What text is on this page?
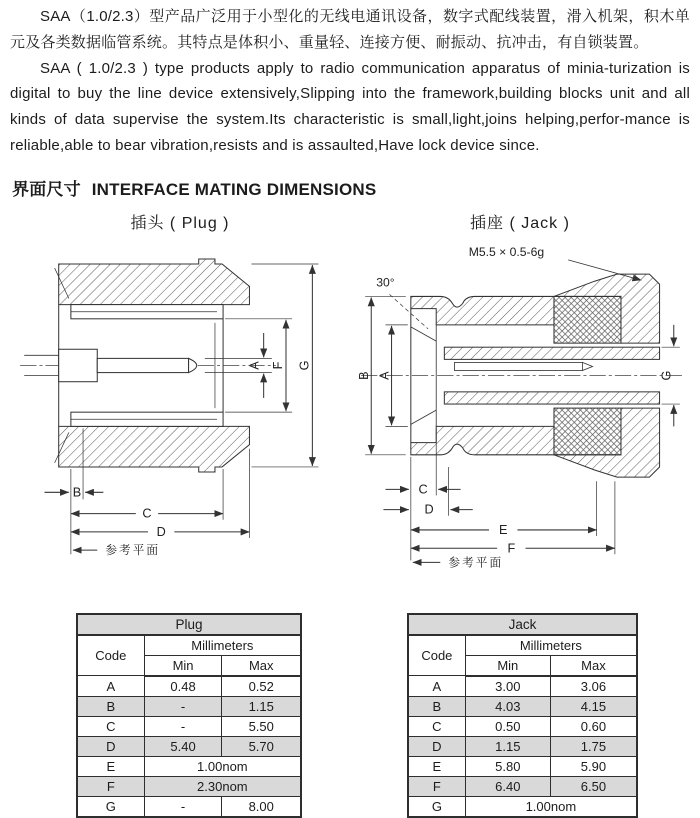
SAA（1.0/2.3）型产品广泛用于小型化的无线电通讯设备，数字式配线装置，滑入机架，积木单元及各类数据临管系统。其特点是体积小、重量轻、连接方便、耐振动、抗冲击，有自锁装置。

SAA ( 1.0/2.3 ) type products apply to radio communication apparatus of minia-turization is digital to buy the line device extensively,Slipping into the framework,building blocks unit and all kinds of data supervise the system.Its characteristic is small,light,joins helping,perfor-mance is reliable,able to bear vibration,resists and is assaulted,Have lock device since.

界面尺寸 INTERFACE MATING DIMENSIONS
插头 ( Plug )	插座 ( Jack )
A F G
B
C
D
参考平面
M5.5 × 0.5-6g
30°
B A	G
C
D
E
F
参考平面
Plug		
Code	Millimeters	
	Min	Max
A	0.48	0.52
B	-	1.15
C	-	5.50
D	5.40	5.70
E	1.00nom	
F	2.30nom	
G	-	8.00
Jack		
Code	Millimeters	
	Min	Max
A	3.00	3.06
B	4.03	4.15
C	0.50	0.60
D	1.15	1.75
E	5.80	5.90
F	6.40	6.50
G	1.00nom	
